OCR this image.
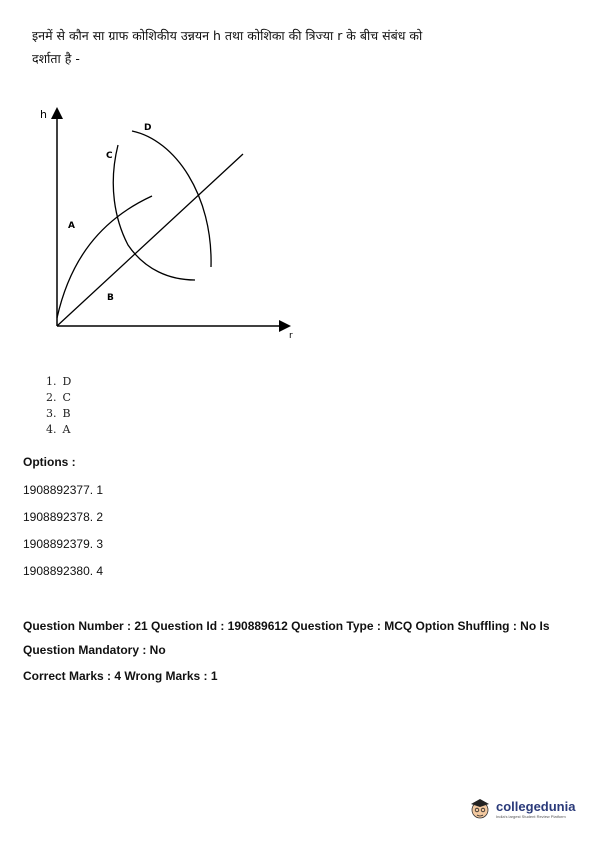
इनमें से कौन सा ग्राफ कोशिकीय उन्नयन h तथा कोशिका की त्रिज्या r के बीच संबंध को
दर्शाता है -
h
r
A
B
C
D
1. D
2. C
3. B
4. A
Options :
1908892377. 1
1908892378. 2
1908892379. 3
1908892380. 4
Question Number : 21 Question Id : 190889612 Question Type : MCQ Option Shuffling : No Is
Question Mandatory : No
Correct Marks : 4 Wrong Marks : 1
collegedunia
India's largest Student Review Platform
